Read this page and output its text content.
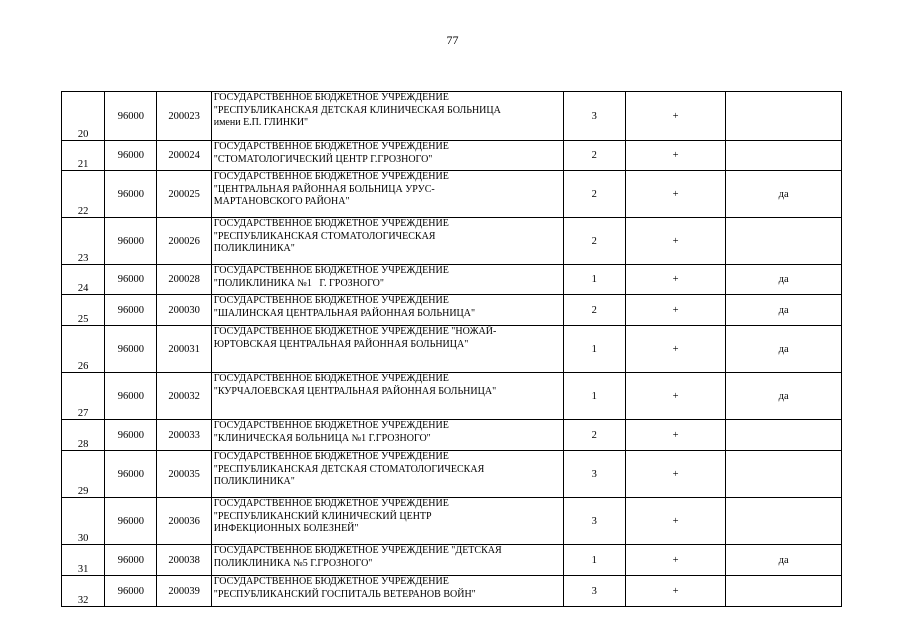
77
20	96000	200023	ГОСУДАРСТВЕННОЕ БЮДЖЕТНОЕ УЧРЕЖДЕНИЕ
"РЕСПУБЛИКАНСКАЯ ДЕТСКАЯ КЛИНИЧЕСКАЯ БОЛЬНИЦА
имени Е.П. ГЛИНКИ"	3	+	
21	96000	200024	ГОСУДАРСТВЕННОЕ БЮДЖЕТНОЕ УЧРЕЖДЕНИЕ
"СТОМАТОЛОГИЧЕСКИЙ ЦЕНТР Г.ГРОЗНОГО"	2	+	
22	96000	200025	ГОСУДАРСТВЕННОЕ БЮДЖЕТНОЕ УЧРЕЖДЕНИЕ
"ЦЕНТРАЛЬНАЯ РАЙОННАЯ БОЛЬНИЦА УРУС-
МАРТАНОВСКОГО РАЙОНА"	2	+	да
23	96000	200026	ГОСУДАРСТВЕННОЕ БЮДЖЕТНОЕ УЧРЕЖДЕНИЕ
"РЕСПУБЛИКАНСКАЯ СТОМАТОЛОГИЧЕСКАЯ
ПОЛИКЛИНИКА"	2	+	
24	96000	200028	ГОСУДАРСТВЕННОЕ БЮДЖЕТНОЕ УЧРЕЖДЕНИЕ
"ПОЛИКЛИНИКА №1   Г. ГРОЗНОГО"	1	+	да
25	96000	200030	ГОСУДАРСТВЕННОЕ БЮДЖЕТНОЕ УЧРЕЖДЕНИЕ
"ШАЛИНСКАЯ ЦЕНТРАЛЬНАЯ РАЙОННАЯ БОЛЬНИЦА"	2	+	да
26	96000	200031	ГОСУДАРСТВЕННОЕ БЮДЖЕТНОЕ УЧРЕЖДЕНИЕ "НОЖАЙ-
ЮРТОВСКАЯ ЦЕНТРАЛЬНАЯ РАЙОННАЯ БОЛЬНИЦА"	1	+	да
27	96000	200032	ГОСУДАРСТВЕННОЕ БЮДЖЕТНОЕ УЧРЕЖДЕНИЕ
"КУРЧАЛОЕВСКАЯ ЦЕНТРАЛЬНАЯ РАЙОННАЯ БОЛЬНИЦА"	1	+	да
28	96000	200033	ГОСУДАРСТВЕННОЕ БЮДЖЕТНОЕ УЧРЕЖДЕНИЕ
"КЛИНИЧЕСКАЯ БОЛЬНИЦА №1 Г.ГРОЗНОГО"	2	+	
29	96000	200035	ГОСУДАРСТВЕННОЕ БЮДЖЕТНОЕ УЧРЕЖДЕНИЕ
"РЕСПУБЛИКАНСКАЯ ДЕТСКАЯ СТОМАТОЛОГИЧЕСКАЯ
ПОЛИКЛИНИКА"	3	+	
30	96000	200036	ГОСУДАРСТВЕННОЕ БЮДЖЕТНОЕ УЧРЕЖДЕНИЕ
"РЕСПУБЛИКАНСКИЙ КЛИНИЧЕСКИЙ ЦЕНТР
ИНФЕКЦИОННЫХ БОЛЕЗНЕЙ"	3	+	
31	96000	200038	ГОСУДАРСТВЕННОЕ БЮДЖЕТНОЕ УЧРЕЖДЕНИЕ "ДЕТСКАЯ
ПОЛИКЛИНИКА №5 Г.ГРОЗНОГО"	1	+	да
32	96000	200039	ГОСУДАРСТВЕННОЕ БЮДЖЕТНОЕ УЧРЕЖДЕНИЕ
"РЕСПУБЛИКАНСКИЙ ГОСПИТАЛЬ ВЕТЕРАНОВ ВОЙН"	3	+	
